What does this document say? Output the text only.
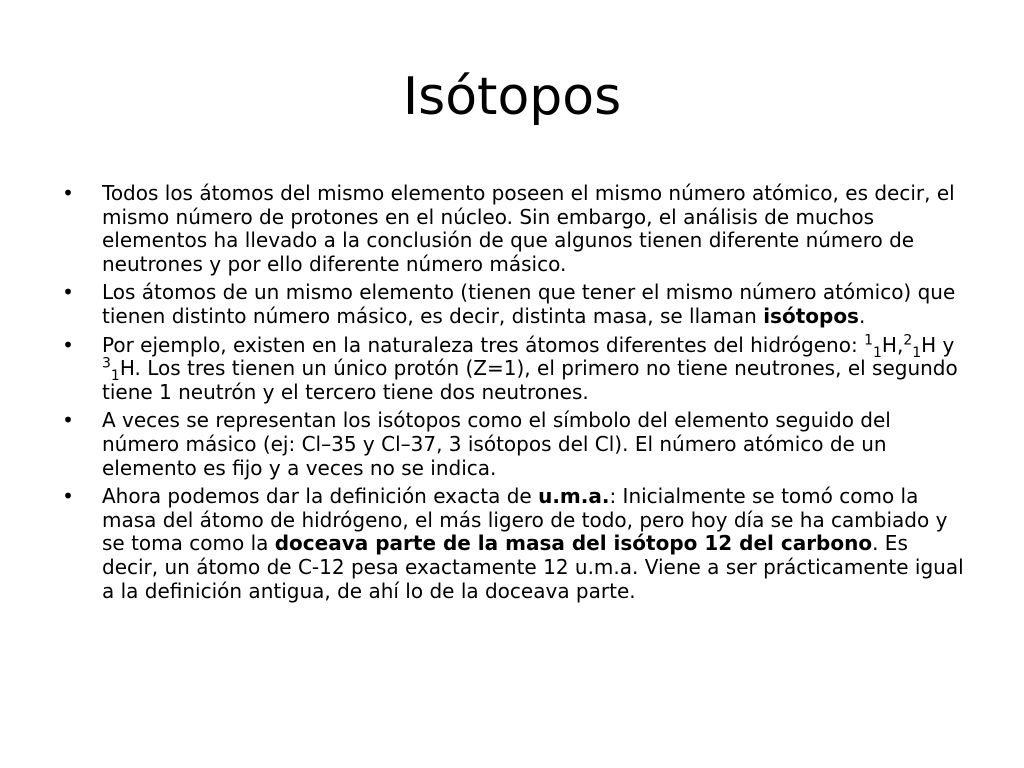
Isótopos
• Todos los átomos del mismo elemento poseen el mismo número atómico, es decir, el mismo número de protones en el núcleo. Sin embargo, el análisis de muchos elementos ha llevado a la conclusión de que algunos tienen diferente número de neutrones y por ello diferente número másico.
• Los átomos de un mismo elemento (tienen que tener el mismo número atómico) que tienen distinto número másico, es decir, distinta masa, se llaman isótopos.
• Por ejemplo, existen en la naturaleza tres átomos diferentes del hidrógeno: $^1_1$H,$^2_1$H y $^3_1$H. Los tres tienen un único protón (Z=1), el primero no tiene neutrones, el segundo tiene 1 neutrón y el tercero tiene dos neutrones.
• A veces se representan los isótopos como el símbolo del elemento seguido del número másico (ej: Cl–35 y Cl–37, 3 isótopos del Cl). El número atómico de un elemento es fijo y a veces no se indica.
• Ahora podemos dar la definición exacta de u.m.a.: Inicialmente se tomó como la masa del átomo de hidrógeno, el más ligero de todo, pero hoy día se ha cambiado y se toma como la doceava parte de la masa del isótopo 12 del carbono. Es decir, un átomo de C-12 pesa exactamente 12 u.m.a. Viene a ser prácticamente igual a la definición antigua, de ahí lo de la doceava parte.
